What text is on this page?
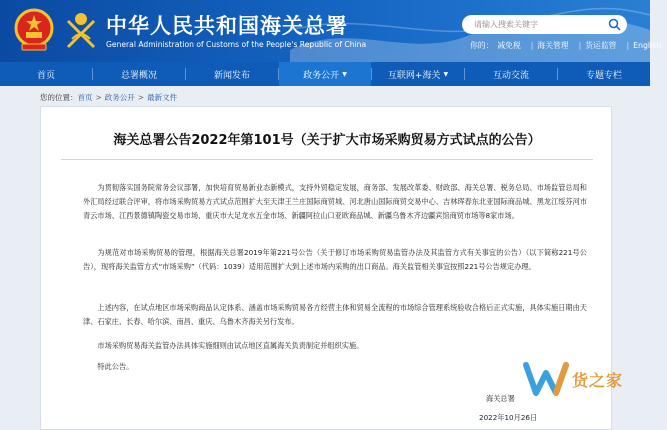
中华人民共和国海关总署
General Administration of Customs of the People's Republic of China
请输入搜索关键字	你的： 减免税 | 海关管理 | 货运监管 | English
首页	总署概况	新闻发布	政务公开 ▼	互联网+海关 ▼	互动交流	专题专栏
您的位置：首页 > 政务公开 > 最新文件
海关总署公告2022年第101号（关于扩大市场采购贸易方式试点的公告）

为贯彻落实国务院常务会议部署，加快培育贸易新业态新模式，支持外贸稳定发展，商务部、发展改革委、财政部、海关总署、税务总局、市场监管总局和外汇局经过联合评审，将市场采购贸易方式试点范围扩大至天津王兰庄国际商贸城、河北唐山国际商贸交易中心、吉林珲春东北亚国际商品城、黑龙江绥芬河市青云市场、江西景德镇陶瓷交易市场、重庆市大足龙水五金市场、新疆阿拉山口亚欧商品城、新疆乌鲁木齐边疆宾馆商贸市场等8家市场。

为规范对市场采购贸易的管理，根据海关总署2019年第221号公告（关于修订市场采购贸易监管办法及其监管方式有关事宜的公告）（以下简称221号公告），现将海关监管方式“市场采购”（代码：1039）适用范围扩大到上述市场内采购的出口商品。海关监管相关事宜按照221号公告规定办理。

上述内容，在试点地区市场采购商品认定体系、涵盖市场采购贸易各方经营主体和贸易全流程的市场综合管理系统验收合格后正式实施，具体实施日期由天津、石家庄、长春、哈尔滨、南昌、重庆、乌鲁木齐海关另行发布。

市场采购贸易海关监管办法具体实施细则由试点地区直属海关负责制定并组织实施。

特此公告。

海关总署
2022年10月26日
货之家
